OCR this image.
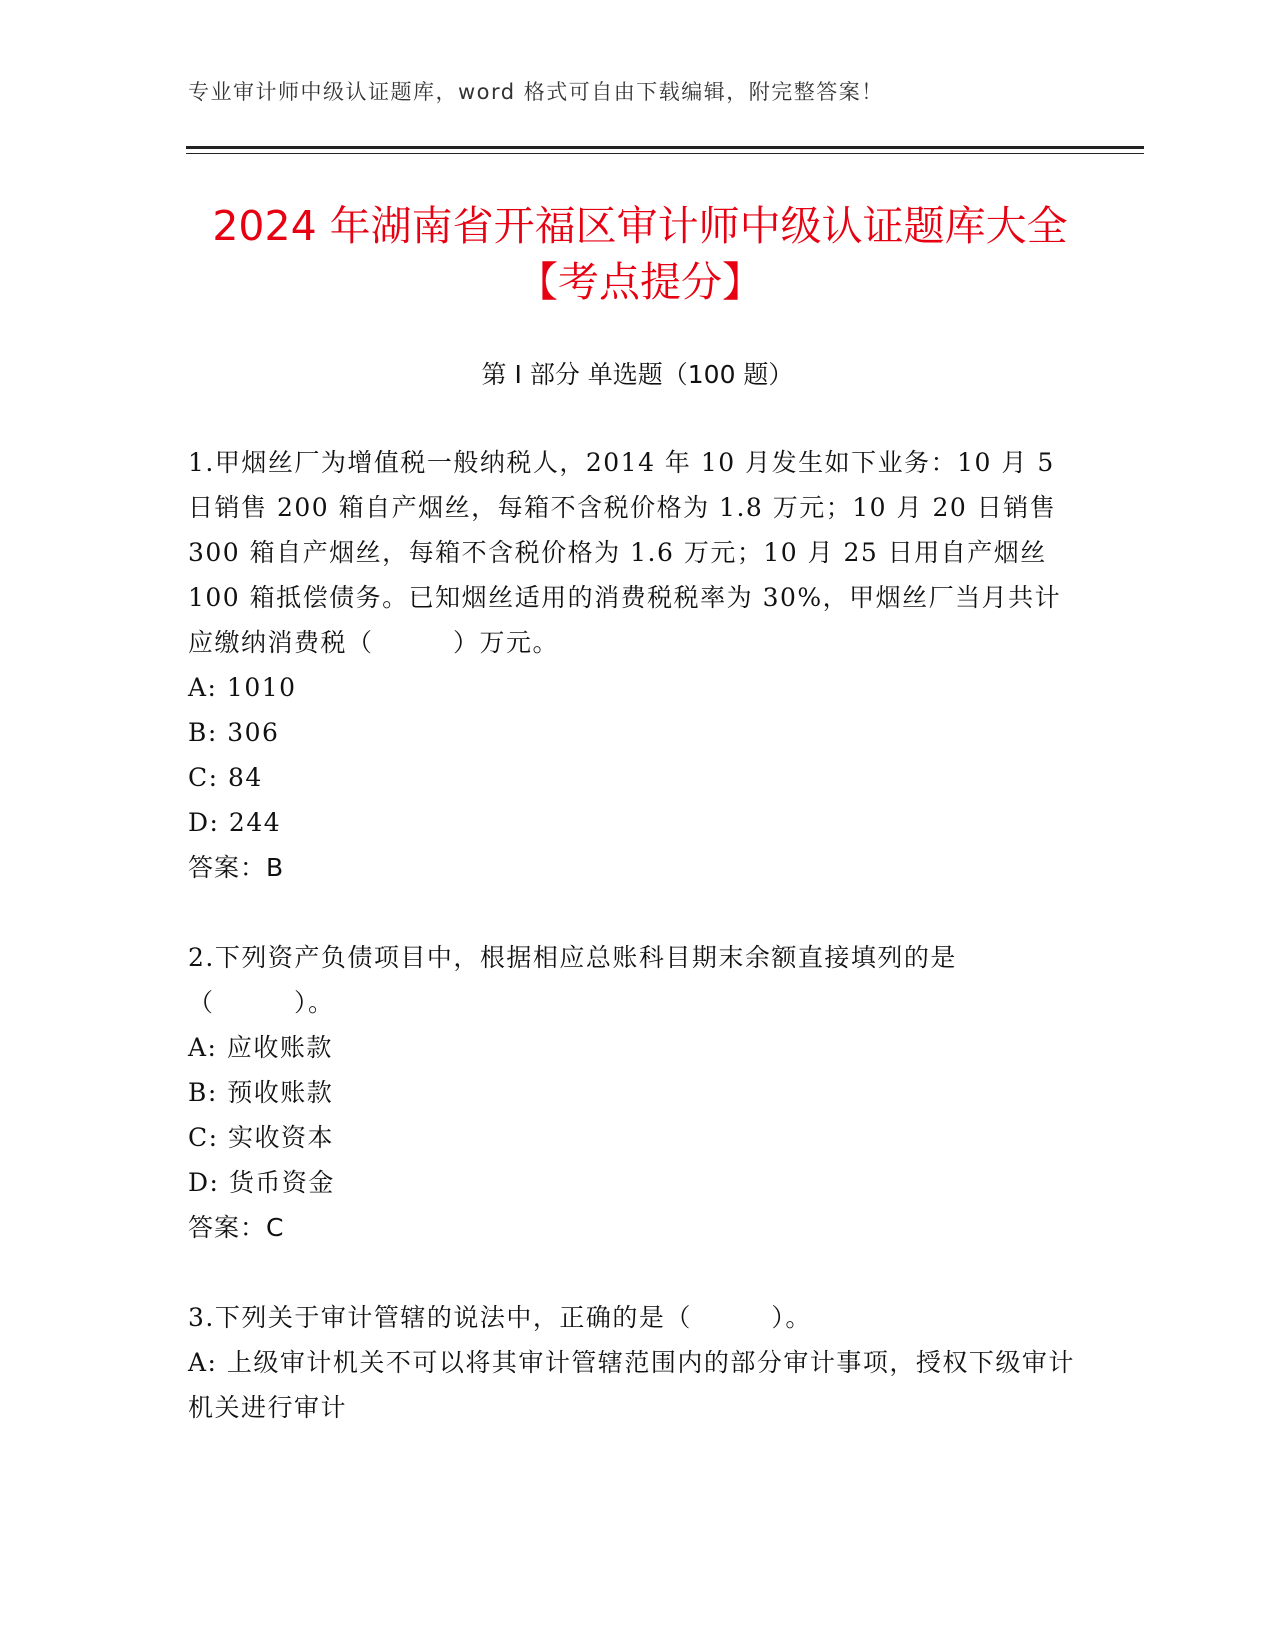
专业审计师中级认证题库，word 格式可自由下载编辑，附完整答案！
2024 年湖南省开福区审计师中级认证题库大全【考点提分】
第 I 部分 单选题（100 题）

1.甲烟丝厂为增值税一般纳税人，2014 年 10 月发生如下业务：10 月 5 日销售 200 箱自产烟丝，每箱不含税价格为 1.8 万元；10 月 20 日销售 300 箱自产烟丝，每箱不含税价格为 1.6 万元；10 月 25 日用自产烟丝 100 箱抵偿债务。已知烟丝适用的消费税税率为 30%，甲烟丝厂当月共计应缴纳消费税（　　　）万元。

A: 1010

B: 306

C: 84

D: 244

答案：B

2.下列资产负债项目中，根据相应总账科目期末余额直接填列的是（　　　）。

A: 应收账款

B: 预收账款

C: 实收资本

D: 货币资金

答案：C

3.下列关于审计管辖的说法中，正确的是（　　　）。

A: 上级审计机关不可以将其审计管辖范围内的部分审计事项，授权下级审计机关进行审计
